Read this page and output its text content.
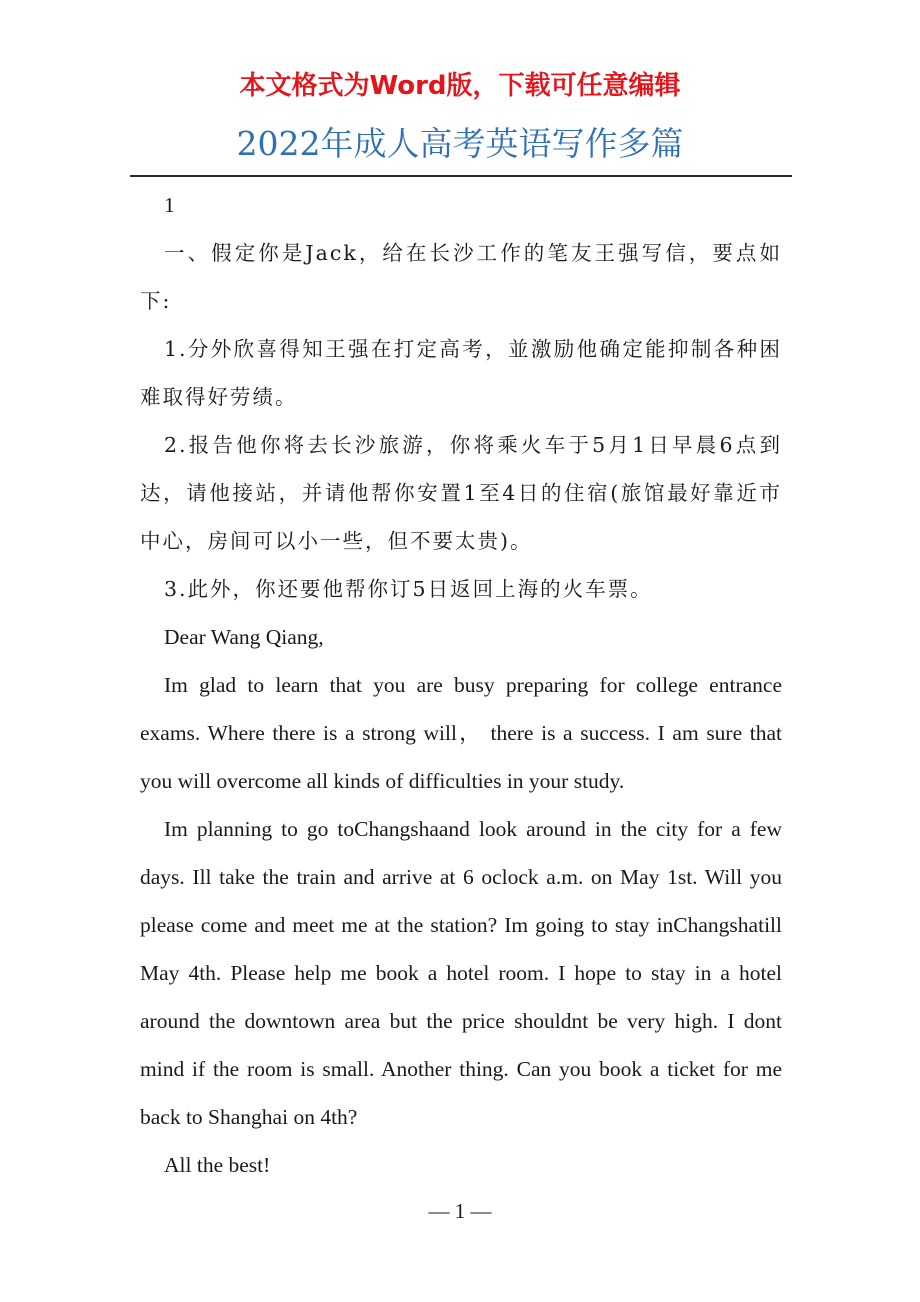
本文格式为Word版，下载可任意编辑
2022年成人高考英语写作多篇

1

一、假定你是Jack，给在长沙工作的笔友王强写信，要点如下:

1.分外欣喜得知王强在打定高考，並激励他确定能抑制各种困难取得好劳绩。

2.报告他你将去长沙旅游，你将乘火车于5月1日早晨6点到达，请他接站，并请他帮你安置1至4日的住宿(旅馆最好靠近市中心，房间可以小一些，但不要太贵)。

3.此外，你还要他帮你订5日返回上海的火车票。

Dear Wang Qiang,

Im glad to learn that you are busy preparing for college entrance exams. Where there is a strong will， there is a success. I am sure that you will overcome all kinds of difficulties in your study.

Im planning to go toChangshaand look around in the city for a few days. Ill take the train and arrive at 6 oclock a.m. on May 1st. Will you please come and meet me at the station? Im going to stay inChangshatill May 4th. Please help me book a hotel room. I hope to stay in a hotel around the downtown area but the price shouldnt be very high. I dont mind if the room is small. Another thing. Can you book a ticket for me back to Shanghai on 4th?

All the best!

— 1 —
